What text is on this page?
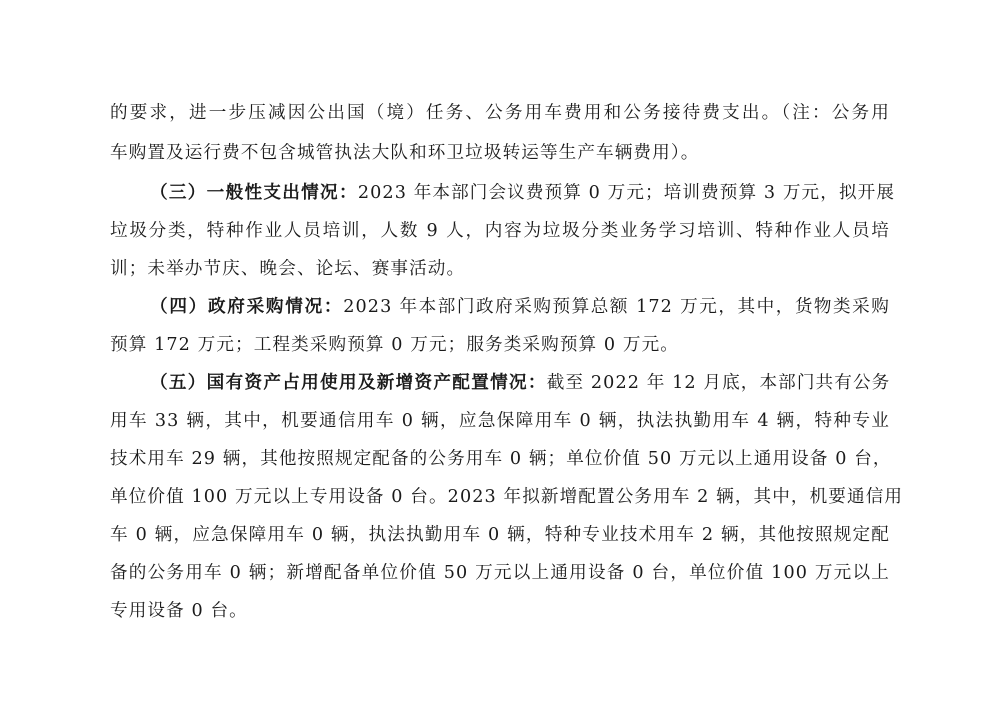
的要求，进一步压减因公出国（境）任务、公务用车费用和公务接待费支出。（注：公务用
车购置及运行费不包含城管执法大队和环卫垃圾转运等生产车辆费用）。
（三）一般性支出情况：2023 年本部门会议费预算 0 万元；培训费预算 3 万元，拟开展
垃圾分类，特种作业人员培训，人数 9 人，内容为垃圾分类业务学习培训、特种作业人员培
训；未举办节庆、晚会、论坛、赛事活动。
（四）政府采购情况：2023 年本部门政府采购预算总额 172 万元，其中，货物类采购
预算 172 万元；工程类采购预算 0 万元；服务类采购预算 0 万元。
（五）国有资产占用使用及新增资产配置情况：截至 2022 年 12 月底，本部门共有公务
用车 33 辆，其中，机要通信用车 0 辆，应急保障用车 0 辆，执法执勤用车 4 辆，特种专业
技术用车 29 辆，其他按照规定配备的公务用车 0 辆；单位价值 50 万元以上通用设备 0 台，
单位价值 100 万元以上专用设备 0 台。2023 年拟新增配置公务用车 2 辆，其中，机要通信用
车 0 辆，应急保障用车 0 辆，执法执勤用车 0 辆，特种专业技术用车 2 辆，其他按照规定配
备的公务用车 0 辆；新增配备单位价值 50 万元以上通用设备 0 台，单位价值 100 万元以上
专用设备 0 台。
